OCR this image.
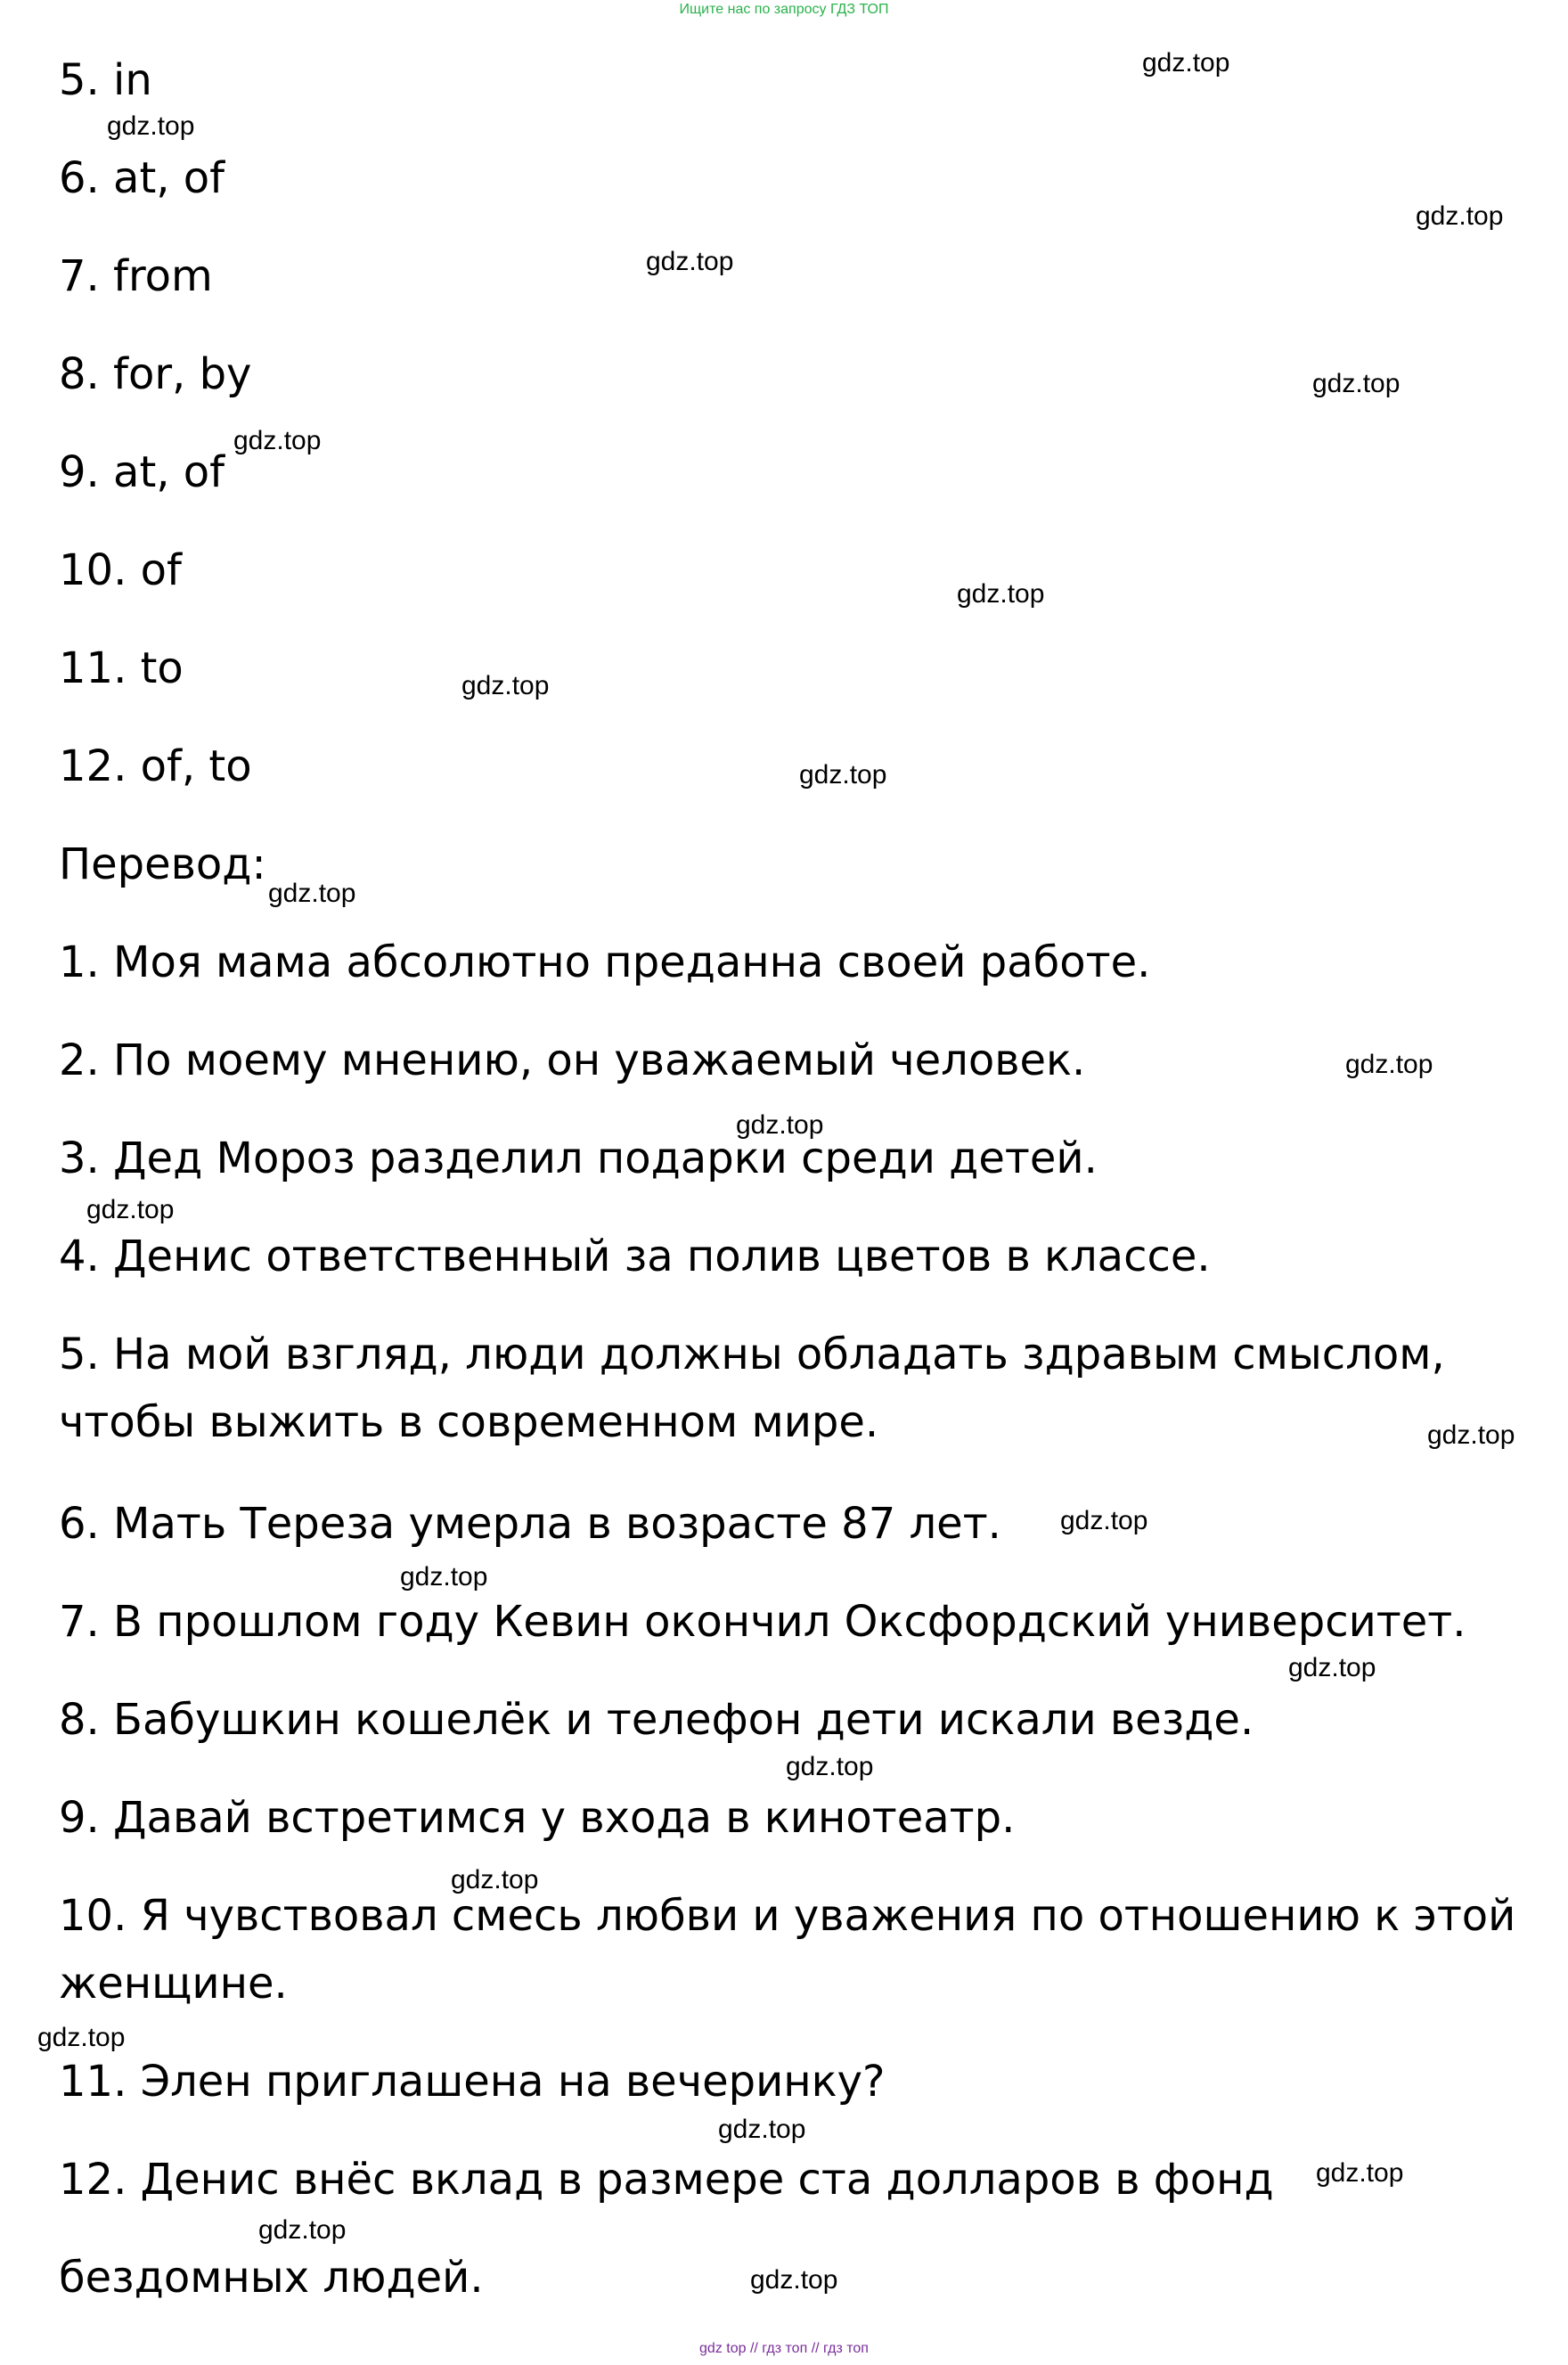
Ищите нас по запросу ГДЗ ТОП
5. in
6. at, of
7. from
8. for, by
9. at, of
10. of
11. to
12. of, to
Перевод:
1. Моя мама абсолютно преданна своей работе.
2. По моему мнению, он уважаемый человек.
3. Дед Мороз разделил подарки среди детей.
4. Денис ответственный за полив цветов в классе.
5. На мой взгляд, люди должны обладать здравым смыслом,
чтобы выжить в современном мире.
6. Мать Тереза умерла в возрасте 87 лет.
7. В прошлом году Кевин окончил Оксфордский университет.
8. Бабушкин кошелёк и телефон дети искали везде.
9. Давай встретимся у входа в кинотеатр.
10. Я чувствовал смесь любви и уважения по отношению к этой
женщине.
11. Элен приглашена на вечеринку?
12. Денис внёс вклад в размере ста долларов в фонд
бездомных людей.
gdz.top
gdz.top
gdz.top
gdz.top
gdz.top
gdz.top
gdz.top
gdz.top
gdz.top
gdz.top
gdz.top
gdz.top
gdz.top
gdz.top
gdz.top
gdz.top
gdz.top
gdz.top
gdz.top
gdz.top
gdz.top
gdz.top
gdz.top
gdz.top
gdz top // гдз топ // гдз топ
